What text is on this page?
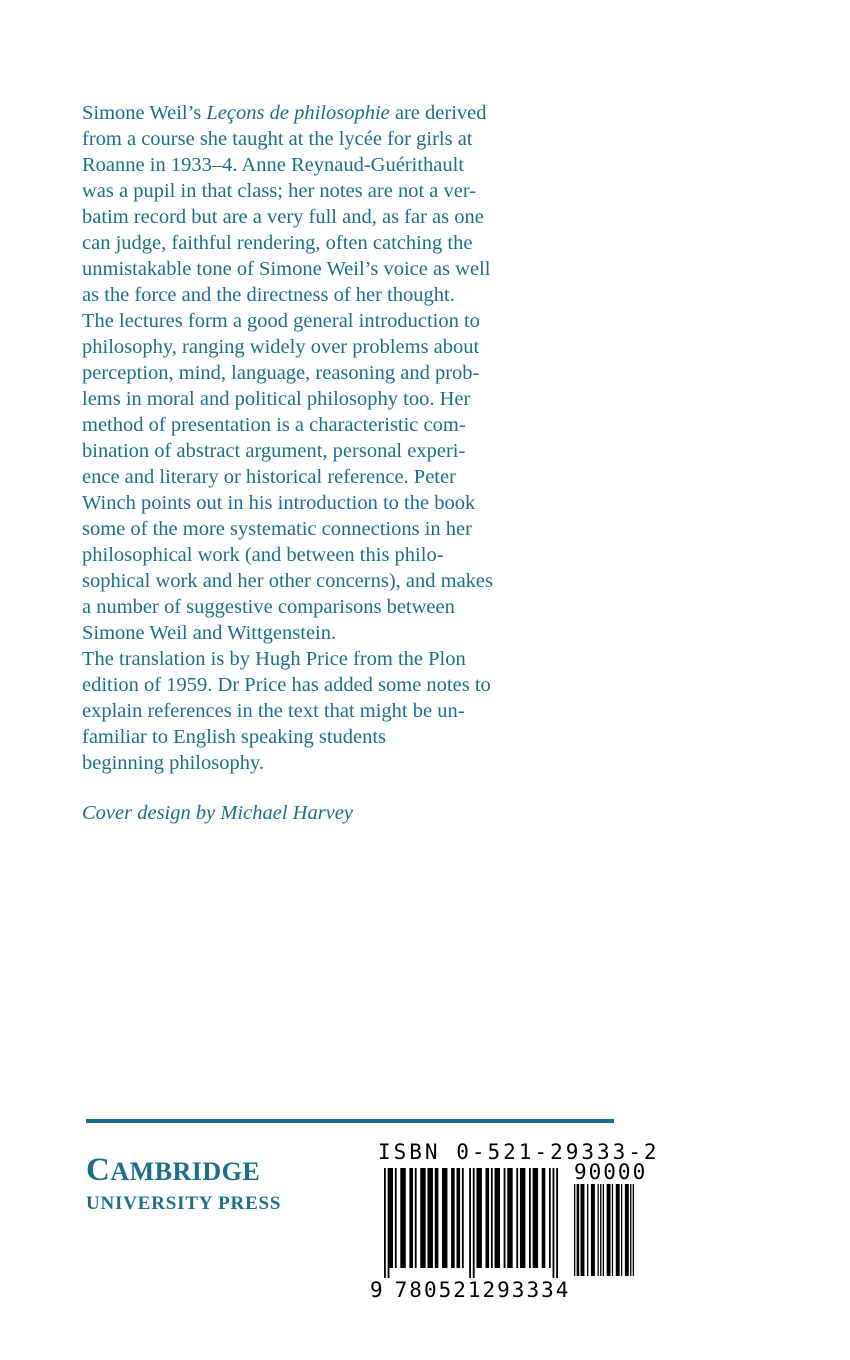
Simone Weil’s Leçons de philosophie are derived
from a course she taught at the lycée for girls at
Roanne in 1933–4. Anne Reynaud-Guérithault
was a pupil in that class; her notes are not a ver-
batim record but are a very full and, as far as one
can judge, faithful rendering, often catching the
unmistakable tone of Simone Weil’s voice as well
as the force and the directness of her thought.
The lectures form a good general introduction to
philosophy, ranging widely over problems about
perception, mind, language, reasoning and prob-
lems in moral and political philosophy too. Her
method of presentation is a characteristic com-
bination of abstract argument, personal experi-
ence and literary or historical reference. Peter
Winch points out in his introduction to the book
some of the more systematic connections in her
philosophical work (and between this philo-
sophical work and her other concerns), and makes
a number of suggestive comparisons between
Simone Weil and Wittgenstein.
The translation is by Hugh Price from the Plon
edition of 1959. Dr Price has added some notes to
explain references in the text that might be un-
familiar to English speaking students
beginning philosophy.
Cover design by Michael Harvey
CAMBRIDGE
UNIVERSITY PRESS
ISBN 0-521-29333-2
90000
9 780521293334
